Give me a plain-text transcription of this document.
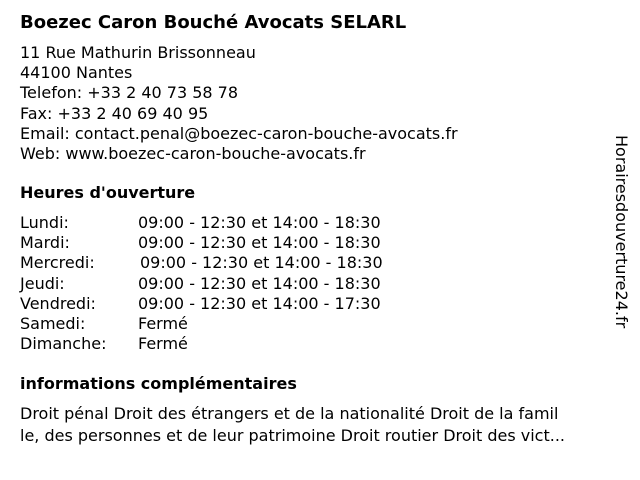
Boezec Caron Bouché Avocats SELARL
11 Rue Mathurin Brissonneau
44100 Nantes
Telefon: +33 2 40 73 58 78
Fax: +33 2 40 69 40 95
Email: contact.penal@boezec-caron-bouche-avocats.fr
Web: www.boezec-caron-bouche-avocats.fr
Heures d'ouverture
Lundi:	09:00 - 12:30 et 14:00 - 18:30
Mardi:	09:00 - 12:30 et 14:00 - 18:30
Mercredi:	09:00 - 12:30 et 14:00 - 18:30
Jeudi:	09:00 - 12:30 et 14:00 - 18:30
Vendredi:	09:00 - 12:30 et 14:00 - 17:30
Samedi:	Fermé
Dimanche: Fermé
informations complémentaires
Droit pénal Droit des étrangers et de la nationalité Droit de la famil
le, des personnes et de leur patrimoine Droit routier Droit des vict...
Horairesdouverture24.fr
